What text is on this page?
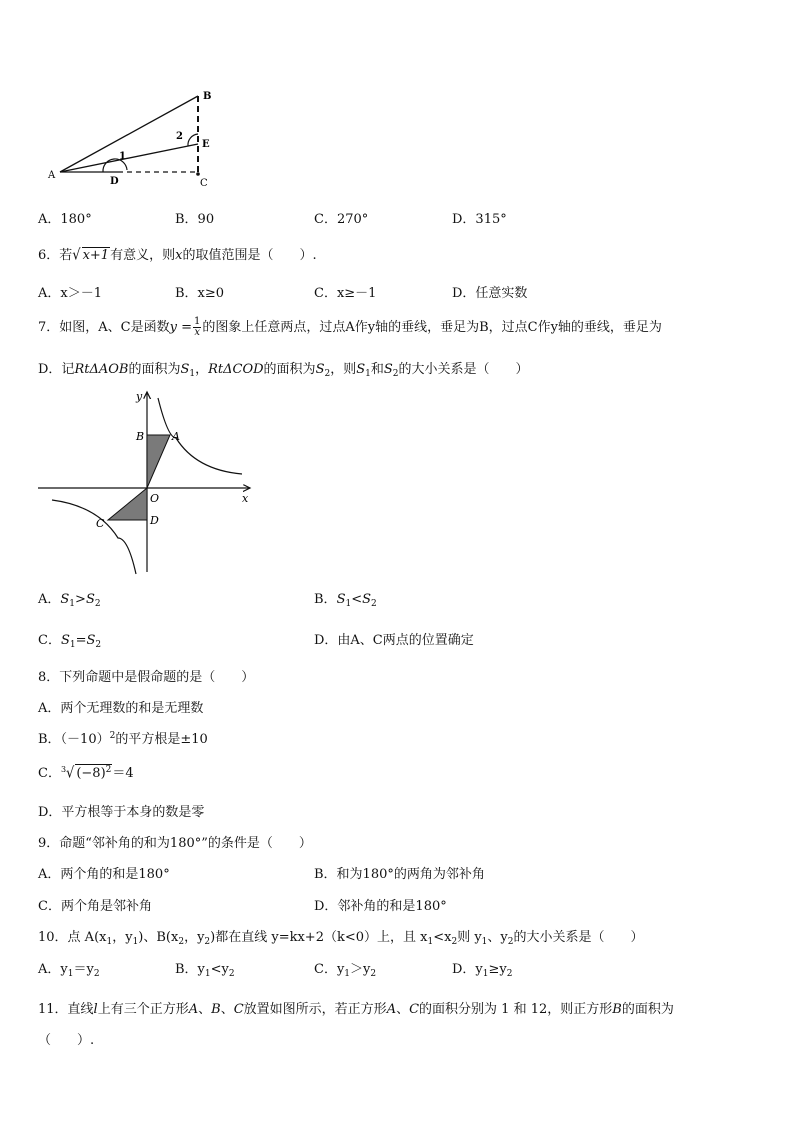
A
B
C
D
E
1
2
A．180°	B．90	C．270°	D．315°
6．若√ x+1有意义，则x的取值范围是（　　）.
A．x＞－1	B．x≥0	C．x≥－1	D．任意实数
7．如图，A、C是函数$y = \frac{1}{x}$ 的图象上任意两点，过点A作y轴的垂线，垂足为B，过点C作y轴的垂线，垂足为
D．记RtΔAOB的面积为$S_1$，RtΔCOD的面积为$S_2$，则$S_1$和$S_2$的大小关系是（　　）
y
x
O
A
B
C	D
A．$S_1>S_2$	B．$S_1<S_2$
C．$S_1=S_2$	D．由A、C两点的位置确定
8．下列命题中是假命题的是（　　）
A．两个无理数的和是无理数
B．$(-10)^2$的平方根是±10
C．$^3$√ $(-8)^2=4$
D．平方根等于本身的数是零
9．命题“邻补角的和为180°”的条件是（　　）
A．两个角的和是180°	B．和为180°的两角为邻补角
C．两个角是邻补角	D．邻补角的和是180°
10．点 $A(x_1$，$y_1$)、$B(x_2$，$y_2$)都在直线 y=kx+2（k<0）上，且 $x_1<x_2$则 $y_1$、$y_2$的大小关系是（　　）
A．$y_1=y_2$	B．$y_1<y_2$	C．$y_1>y_2$	D．$y_1\ge y_2$
11．直线l上有三个正方形A、B、C放置如图所示，若正方形A、C的面积分别为 1 和 12，则正方形B的面积为
（　　）.
